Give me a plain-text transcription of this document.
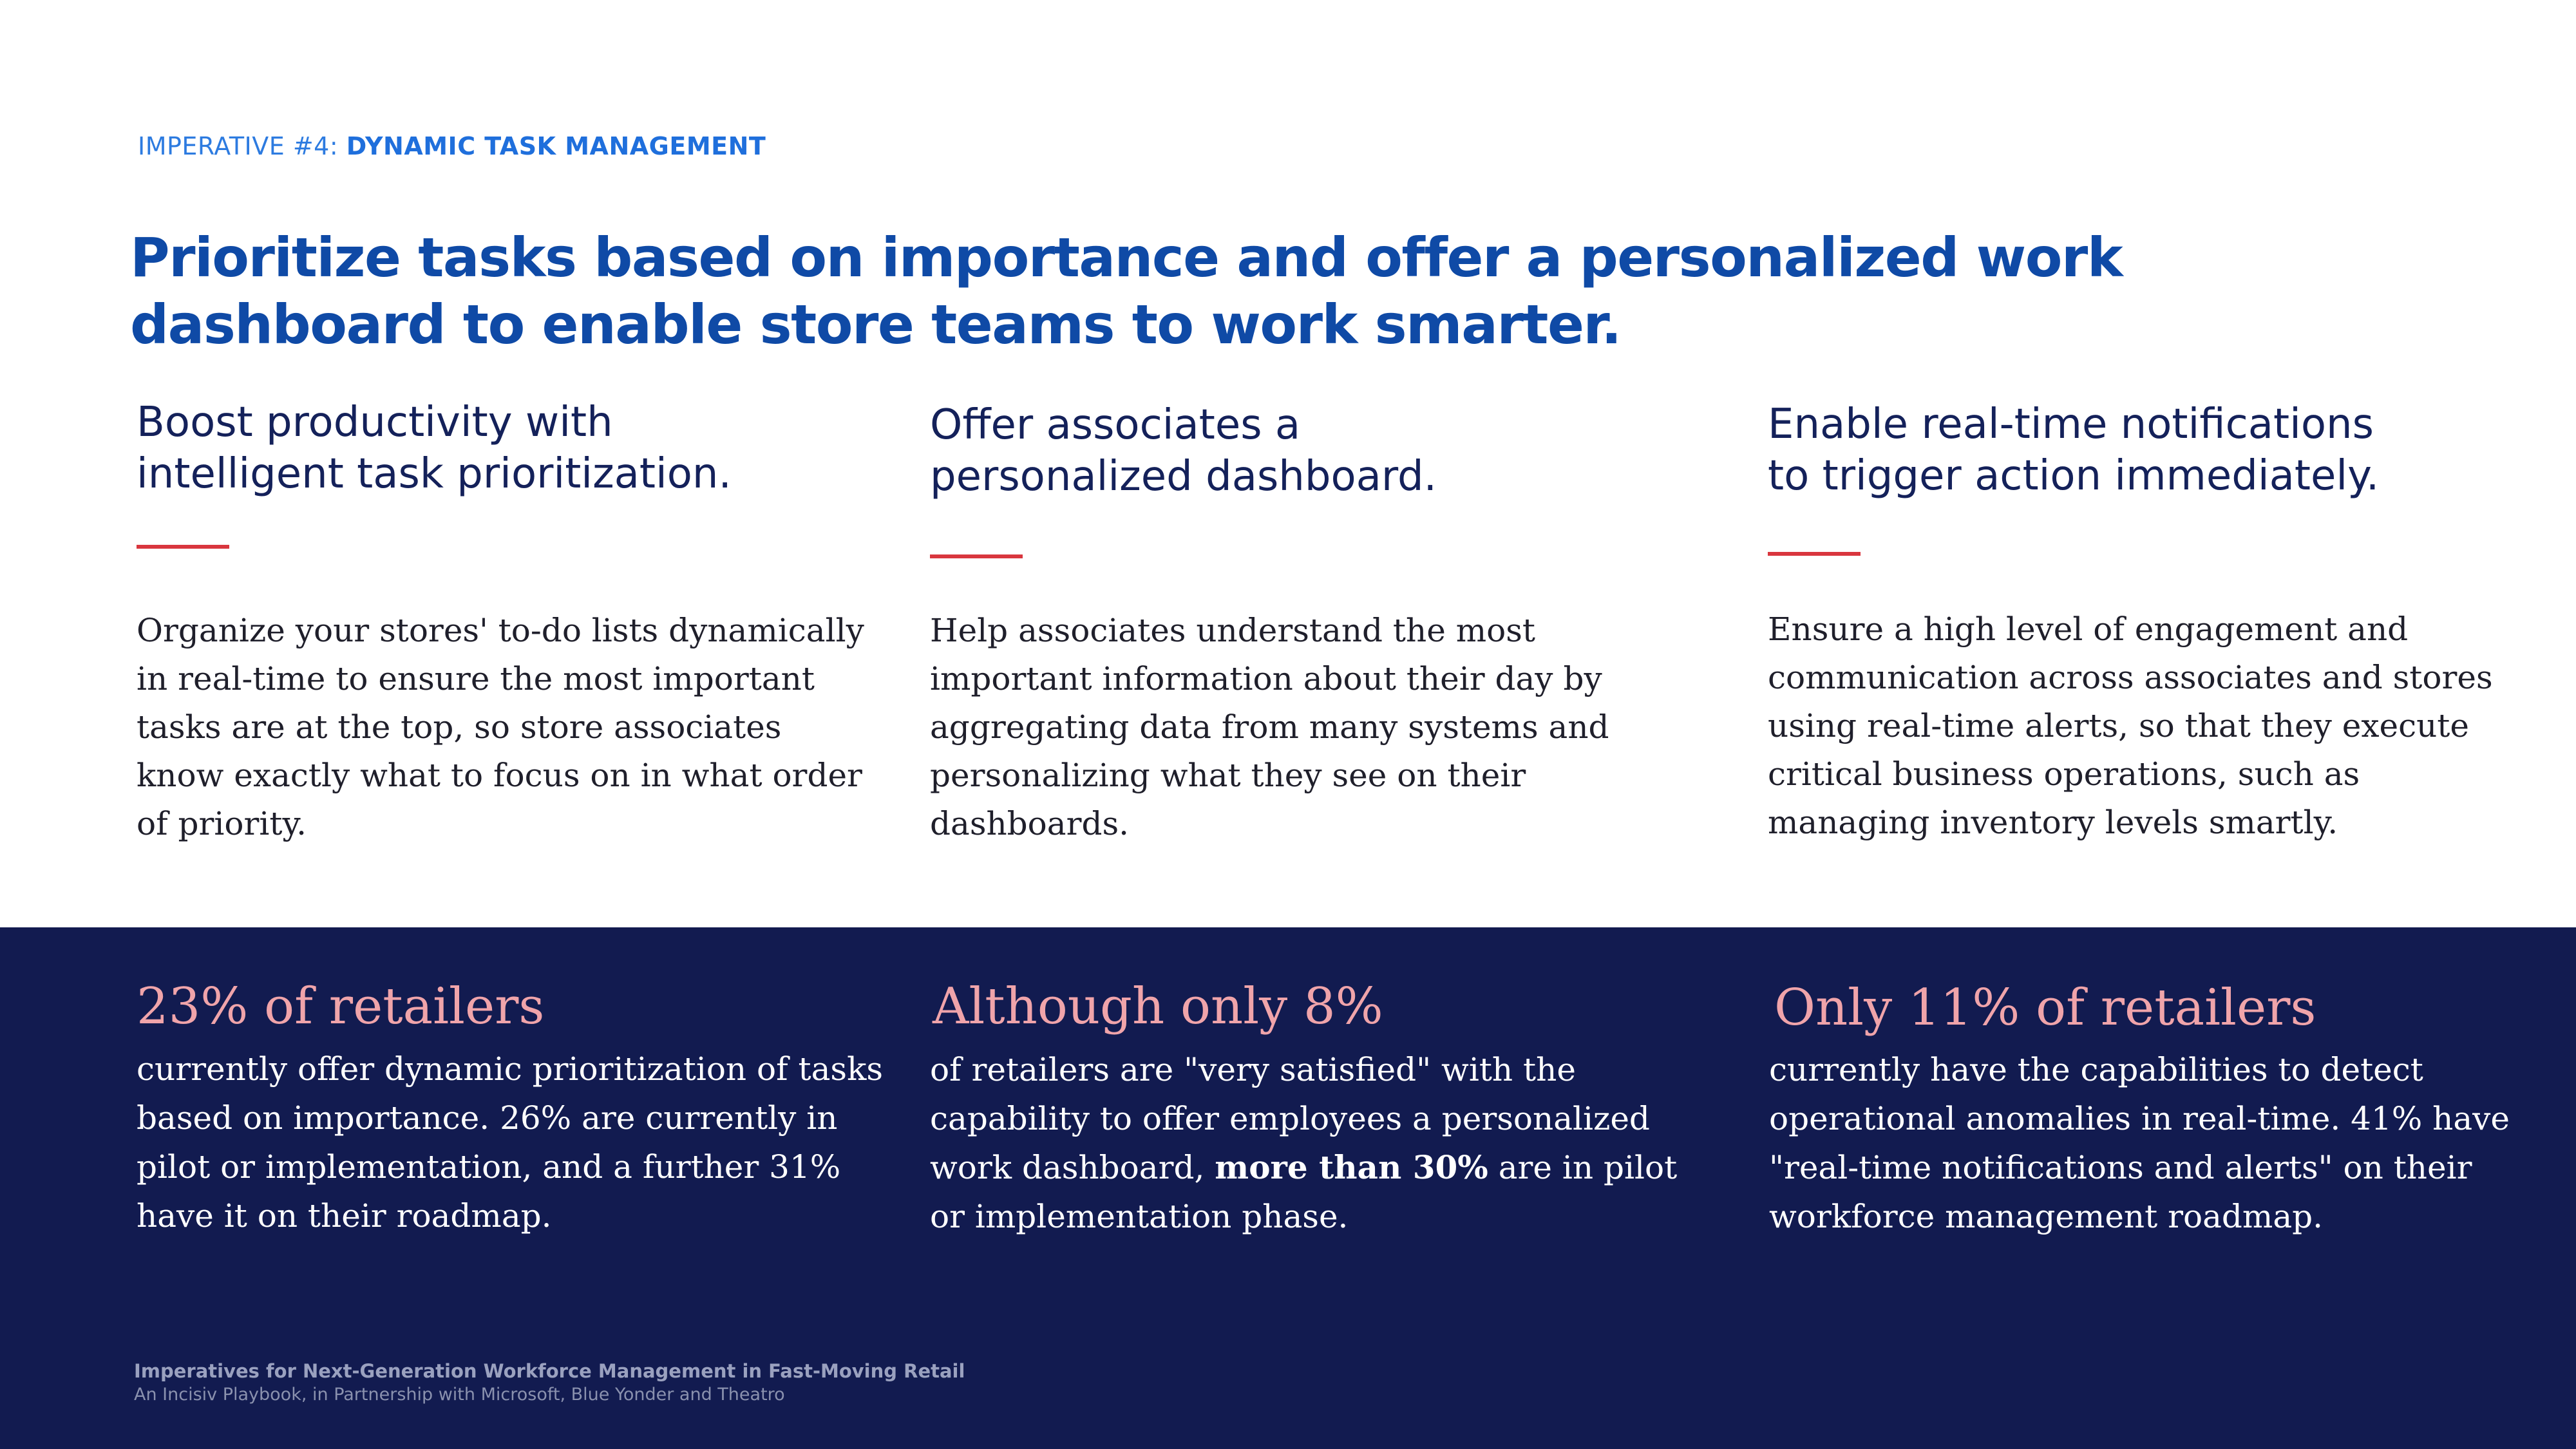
IMPERATIVE #4: DYNAMIC TASK MANAGEMENT
Prioritize tasks based on importance and offer a personalized work dashboard to enable store teams to work smarter.
Boost productivity with
intelligent task prioritization.
Organize your stores' to-do lists dynamically in real-time to ensure the most important tasks are at the top, so store associates know exactly what to focus on in what order of priority.
Offer associates a
personalized dashboard.
Help associates understand the most important information about their day by aggregating data from many systems and personalizing what they see on their dashboards.
Enable real-time notifications
to trigger action immediately.
Ensure a high level of engagement and communication across associates and stores using real-time alerts, so that they execute critical business operations, such as managing inventory levels smartly.
23% of retailers
currently offer dynamic prioritization of tasks based on importance. 26% are currently in pilot or implementation, and a further 31% have it on their roadmap.
Although only 8%
of retailers are "very satisfied" with the capability to offer employees a personalized work dashboard, more than 30% are in pilot or implementation phase.
Only 11% of retailers
currently have the capabilities to detect operational anomalies in real-time. 41% have "real-time notifications and alerts" on their workforce management roadmap.
Imperatives for Next-Generation Workforce Management in Fast-Moving Retail
An Incisiv Playbook, in Partnership with Microsoft, Blue Yonder and Theatro
